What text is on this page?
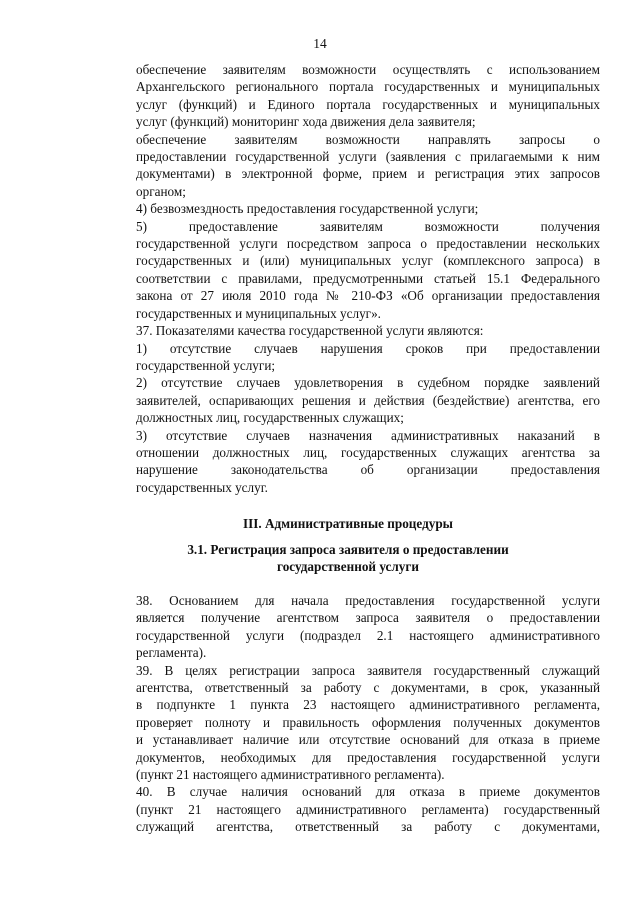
14
обеспечение заявителям возможности осуществлять с использованием
Архангельского регионального портала государственных и муниципальных
услуг (функций) и Единого портала государственных и муниципальных
услуг (функций) мониторинг хода движения дела заявителя;
обеспечение заявителям возможности направлять запросы о
предоставлении государственной услуги (заявления с прилагаемыми к ним
документами) в электронной форме, прием и регистрация этих запросов
органом;
4) безвозмездность предоставления государственной услуги;
5) предоставление заявителям возможности получения
государственной услуги посредством запроса о предоставлении нескольких
государственных и (или) муниципальных услуг (комплексного запроса) в
соответствии с правилами, предусмотренными статьей 15.1 Федерального
закона от 27 июля 2010 года № 210-ФЗ «Об организации предоставления
государственных и муниципальных услуг».
37. Показателями качества государственной услуги являются:
1) отсутствие случаев нарушения сроков при предоставлении
государственной услуги;
2) отсутствие случаев удовлетворения в судебном порядке заявлений
заявителей, оспаривающих решения и действия (бездействие) агентства, его
должностных лиц, государственных служащих;
3) отсутствие случаев назначения административных наказаний в
отношении должностных лиц, государственных служащих агентства за
нарушение законодательства об организации предоставления
государственных услуг.
III. Административные процедуры
3.1. Регистрация запроса заявителя о предоставлении
государственной услуги
38. Основанием для начала предоставления государственной услуги
является получение агентством запроса заявителя о предоставлении
государственной услуги (подраздел 2.1 настоящего административного
регламента).
39. В целях регистрации запроса заявителя государственный служащий
агентства, ответственный за работу с документами, в срок, указанный
в подпункте 1 пункта 23 настоящего административного регламента,
проверяет полноту и правильность оформления полученных документов
и устанавливает наличие или отсутствие оснований для отказа в приеме
документов, необходимых для предоставления государственной услуги
(пункт 21 настоящего административного регламента).
40. В случае наличия оснований для отказа в приеме документов
(пункт 21 настоящего административного регламента) государственный
служащий агентства, ответственный за работу с документами,
